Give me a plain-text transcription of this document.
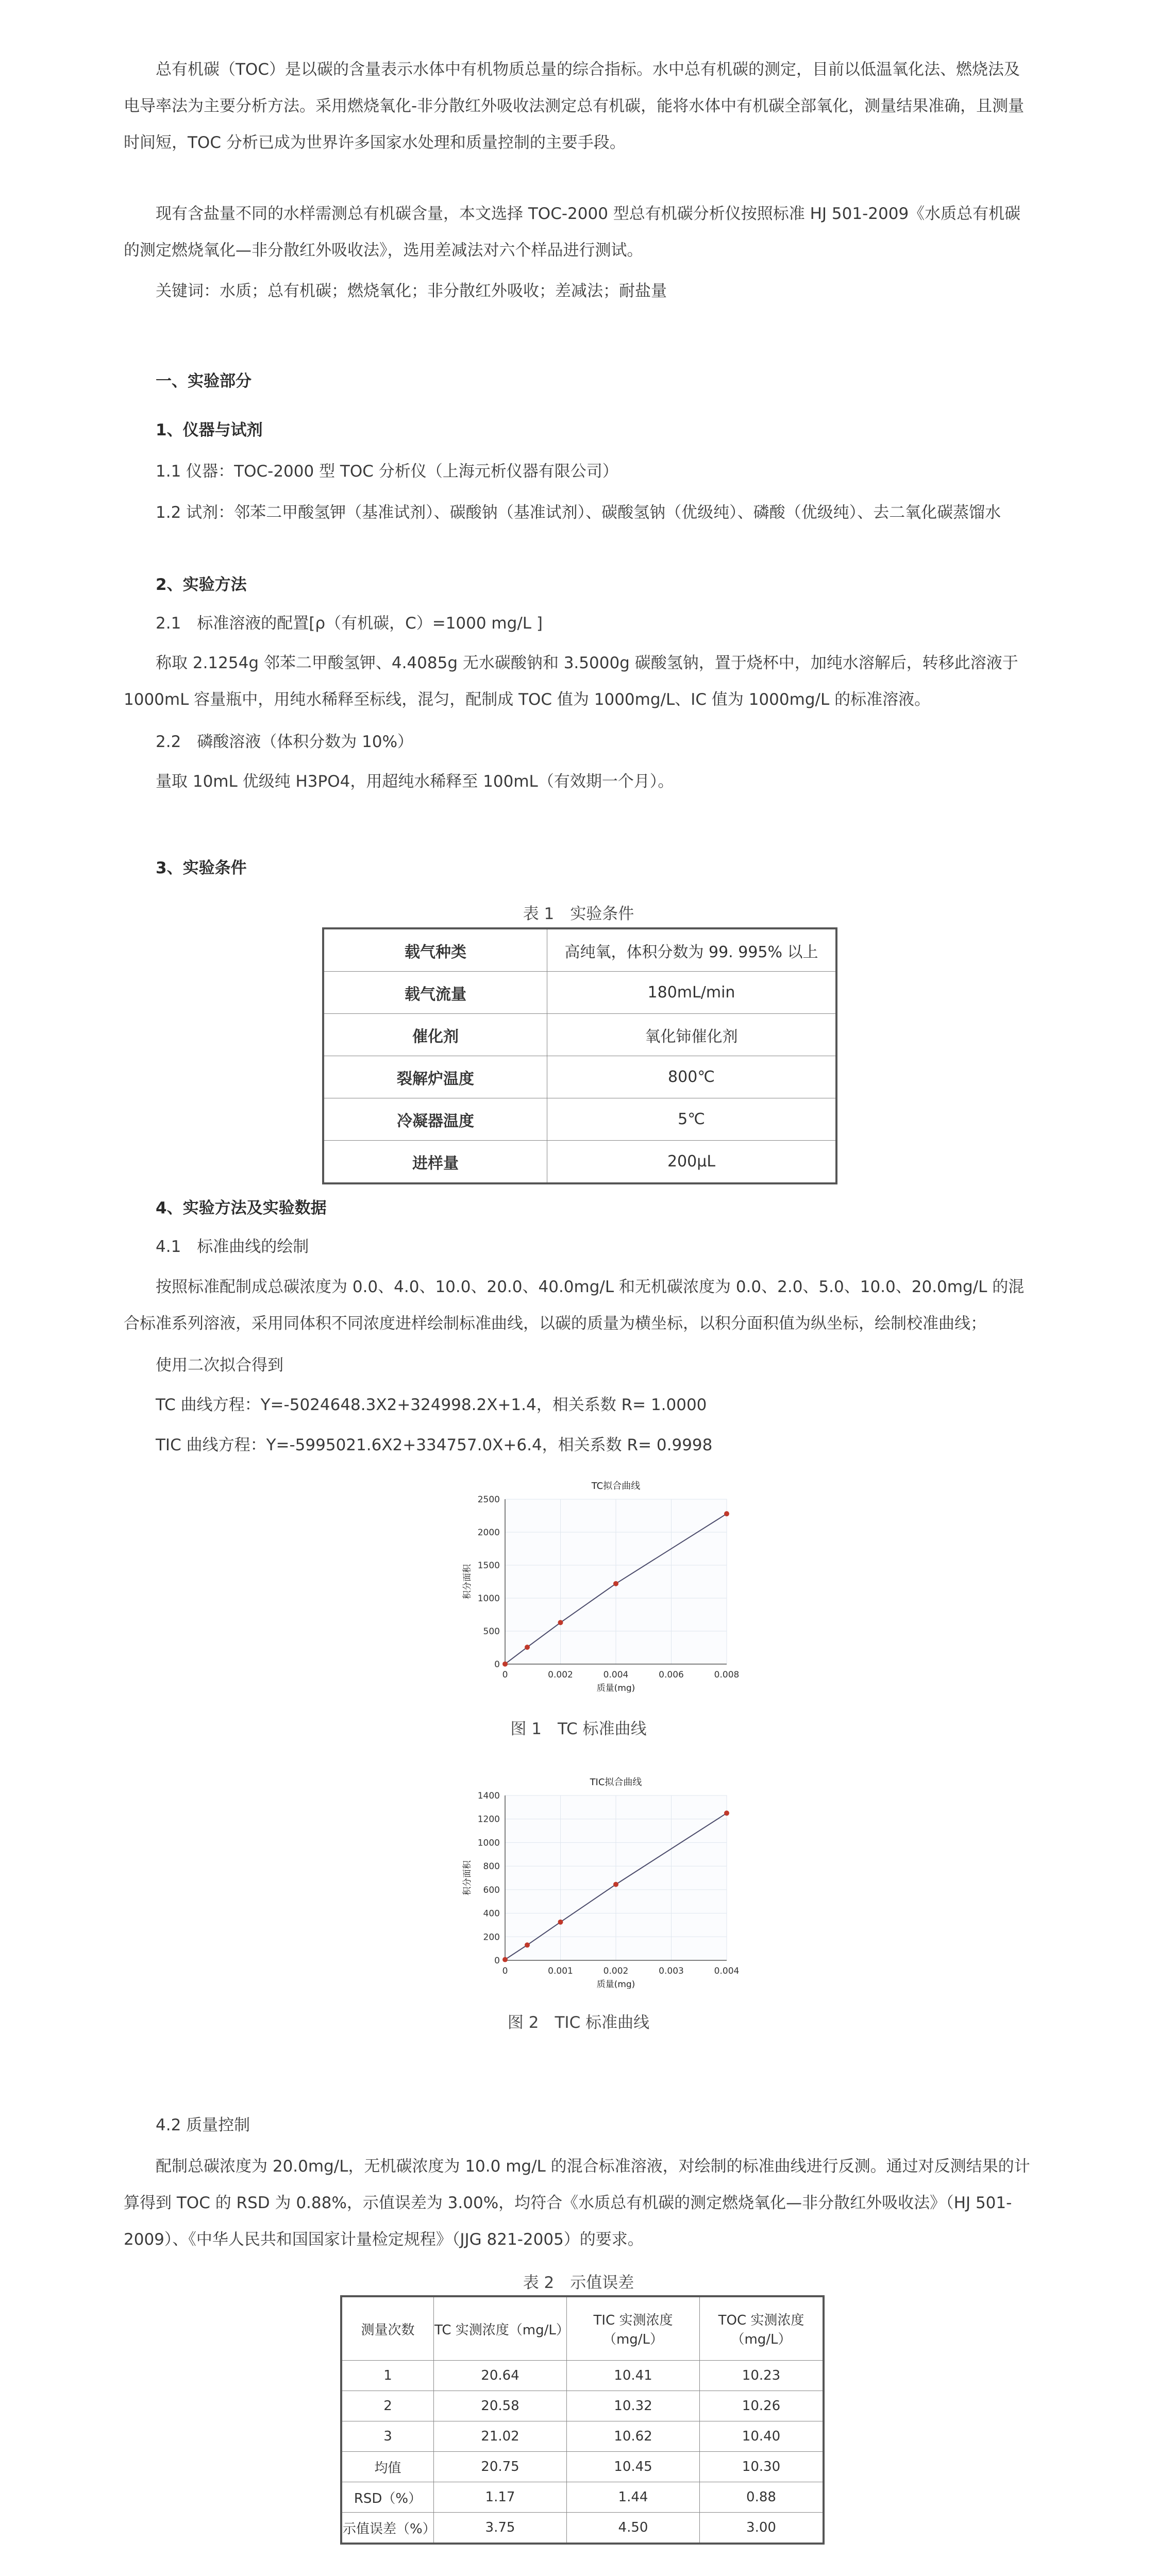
总有机碳（TOC）是以碳的含量表示水体中有机物质总量的综合指标。水中总有机碳的测定，目前以低温氧化法、燃烧法及电导率法为主要分析方法。采用燃烧氧化-非分散红外吸收法测定总有机碳，能将水体中有机碳全部氧化，测量结果准确，且测量时间短，TOC 分析已成为世界许多国家水处理和质量控制的主要手段。

现有含盐量不同的水样需测总有机碳含量，本文选择 TOC-2000 型总有机碳分析仪按照标准 HJ 501-2009《水质总有机碳的测定燃烧氧化—非分散红外吸收法》，选用差减法对六个样品进行测试。

关键词：水质；总有机碳；燃烧氧化；非分散红外吸收；差减法；耐盐量

一、实验部分

1、仪器与试剂

1.1 仪器：TOC-2000 型 TOC 分析仪（上海元析仪器有限公司）

1.2 试剂：邻苯二甲酸氢钾（基准试剂）、碳酸钠（基准试剂）、碳酸氢钠（优级纯）、磷酸（优级纯）、去二氧化碳蒸馏水

2、实验方法

2.1　标准溶液的配置[ρ（有机碳，C）=1000 mg/L ]

称取 2.1254g 邻苯二甲酸氢钾、4.4085g 无水碳酸钠和 3.5000g 碳酸氢钠，置于烧杯中，加纯水溶解后，转移此溶液于 1000mL 容量瓶中，用纯水稀释至标线，混匀，配制成 TOC 值为 1000mg/L、IC 值为 1000mg/L 的标准溶液。

2.2　磷酸溶液（体积分数为 10%）

量取 10mL 优级纯 H3PO4，用超纯水稀释至 100mL（有效期一个月）。

3、实验条件

表 1　实验条件
载气种类	高纯氧，体积分数为 99. 995% 以上
载气流量	180mL/min
催化剂	氧化铈催化剂
裂解炉温度	800℃
冷凝器温度	5℃
进样量	200μL

4、实验方法及实验数据

4.1　标准曲线的绘制

按照标准配制成总碳浓度为 0.0、4.0、10.0、20.0、40.0mg/L 和无机碳浓度为 0.0、2.0、5.0、10.0、20.0mg/L 的混合标准系列溶液，采用同体积不同浓度进样绘制标准曲线，以碳的质量为横坐标，以积分面积值为纵坐标，绘制校准曲线；

使用二次拟合得到

TC 曲线方程：Y=-5024648.3X2+324998.2X+1.4，相关系数 R= 1.0000

TIC 曲线方程：Y=-5995021.6X2+334757.0X+6.4，相关系数 R= 0.9998

0
500
1000
1500
2000
2500
0	0.002	0.004	0.006	0.008
TC拟合曲线
质量(mg)
积分面积
图 1　TC 标准曲线
0
200
400
600
800
1000
1200
1400
0	0.001	0.002	0.003	0.004
TIC拟合曲线
质量(mg)
积分面积
图 2　TIC 标准曲线

4.2 质量控制

配制总碳浓度为 20.0mg/L，无机碳浓度为 10.0 mg/L 的混合标准溶液，对绘制的标准曲线进行反测。通过对反测结果的计算得到 TOC 的 RSD 为 0.88%，示值误差为 3.00%，均符合《水质总有机碳的测定燃烧氧化—非分散红外吸收法》（HJ 501-2009）、《中华人民共和国国家计量检定规程》（JJG 821-2005）的要求。

表 2　示值误差
测量次数	TC 实测浓度（mg/L）	TIC 实测浓度（mg/L）	TOC 实测浓度（mg/L）
1	20.64	10.41	10.23
2	20.58	10.32	10.26
3	21.02	10.62	10.40
均值	20.75	10.45	10.30
RSD（%）	1.17	1.44	0.88
示值误差（%）	3.75	4.50	3.00
